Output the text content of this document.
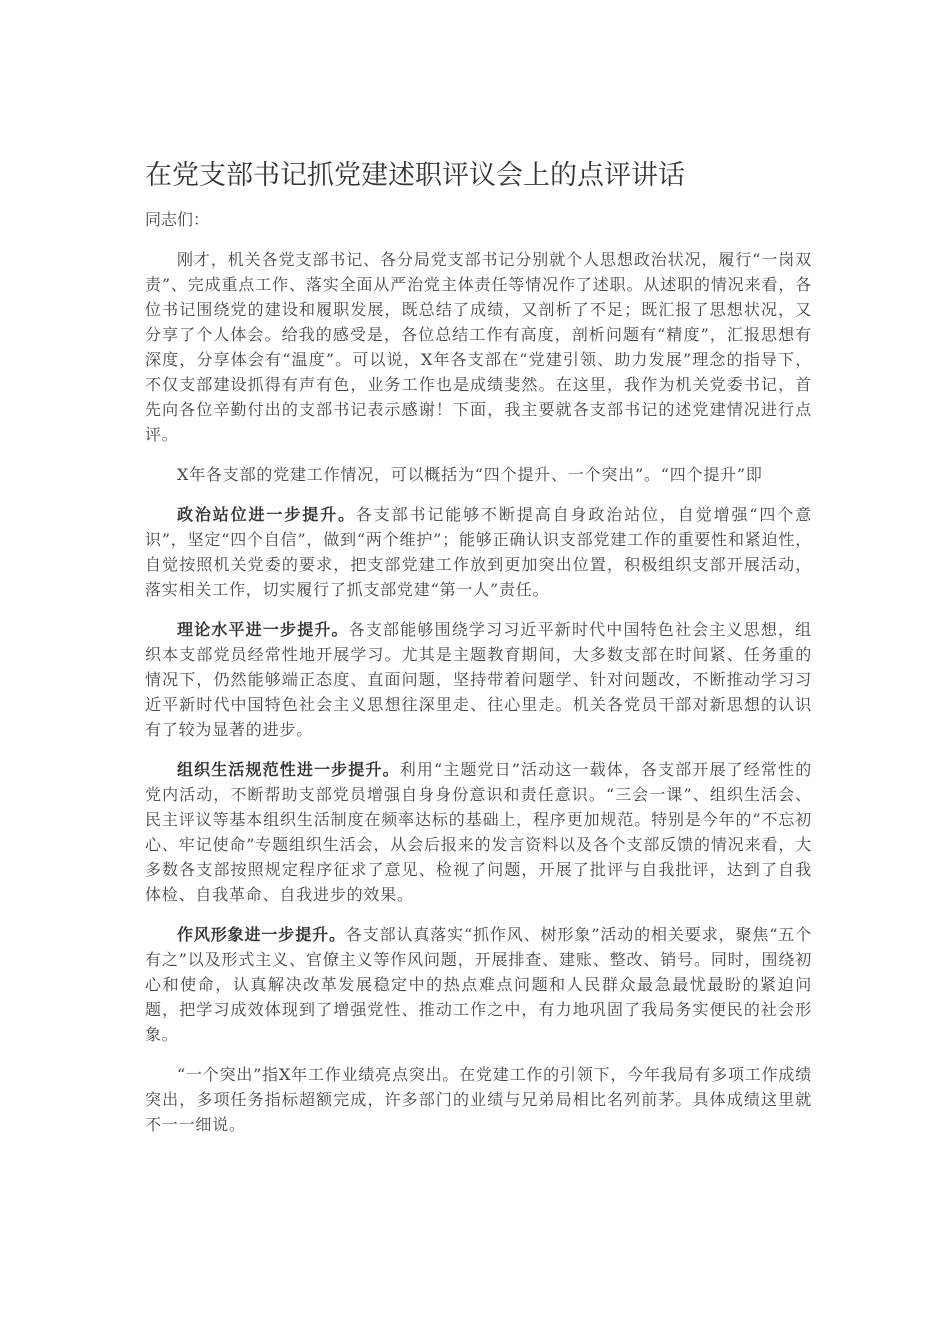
在党支部书记抓党建述职评议会上的点评讲话

同志们：

刚才，机关各党支部书记、各分局党支部书记分别就个人思想政治状况，履行“一岗双责”、完成重点工作、落实全面从严治党主体责任等情况作了述职。从述职的情况来看，各位书记围绕党的建设和履职发展，既总结了成绩，又剖析了不足；既汇报了思想状况，又分享了个人体会。给我的感受是，各位总结工作有高度，剖析问题有“精度”，汇报思想有深度，分享体会有“温度”。可以说，X年各支部在“党建引领、助力发展”理念的指导下，不仅支部建设抓得有声有色，业务工作也是成绩斐然。在这里，我作为机关党委书记，首先向各位辛勤付出的支部书记表示感谢！下面，我主要就各支部书记的述党建情况进行点评。

X年各支部的党建工作情况，可以概括为“四个提升、一个突出”。“四个提升”即

政治站位进一步提升。各支部书记能够不断提高自身政治站位，自觉增强“四个意识”，坚定“四个自信”，做到“两个维护”；能够正确认识支部党建工作的重要性和紧迫性，自觉按照机关党委的要求，把支部党建工作放到更加突出位置，积极组织支部开展活动，落实相关工作，切实履行了抓支部党建“第一人”责任。

理论水平进一步提升。各支部能够围绕学习习近平新时代中国特色社会主义思想，组织本支部党员经常性地开展学习。尤其是主题教育期间，大多数支部在时间紧、任务重的情况下，仍然能够端正态度、直面问题，坚持带着问题学、针对问题改，不断推动学习习近平新时代中国特色社会主义思想往深里走、往心里走。机关各党员干部对新思想的认识有了较为显著的进步。

组织生活规范性进一步提升。利用“主题党日”活动这一载体，各支部开展了经常性的党内活动，不断帮助支部党员增强自身身份意识和责任意识。“三会一课”、组织生活会、民主评议等基本组织生活制度在频率达标的基础上，程序更加规范。特别是今年的“不忘初心、牢记使命”专题组织生活会，从会后报来的发言资料以及各个支部反馈的情况来看，大多数各支部按照规定程序征求了意见、检视了问题，开展了批评与自我批评，达到了自我体检、自我革命、自我进步的效果。

作风形象进一步提升。各支部认真落实“抓作风、树形象”活动的相关要求，聚焦“五个有之”以及形式主义、官僚主义等作风问题，开展排查、建账、整改、销号。同时，围绕初心和使命，认真解决改革发展稳定中的热点难点问题和人民群众最急最忧最盼的紧迫问题，把学习成效体现到了增强党性、推动工作之中，有力地巩固了我局务实便民的社会形象。

“一个突出”指X年工作业绩亮点突出。在党建工作的引领下，今年我局有多项工作成绩突出，多项任务指标超额完成，许多部门的业绩与兄弟局相比名列前茅。具体成绩这里就不一一细说。
